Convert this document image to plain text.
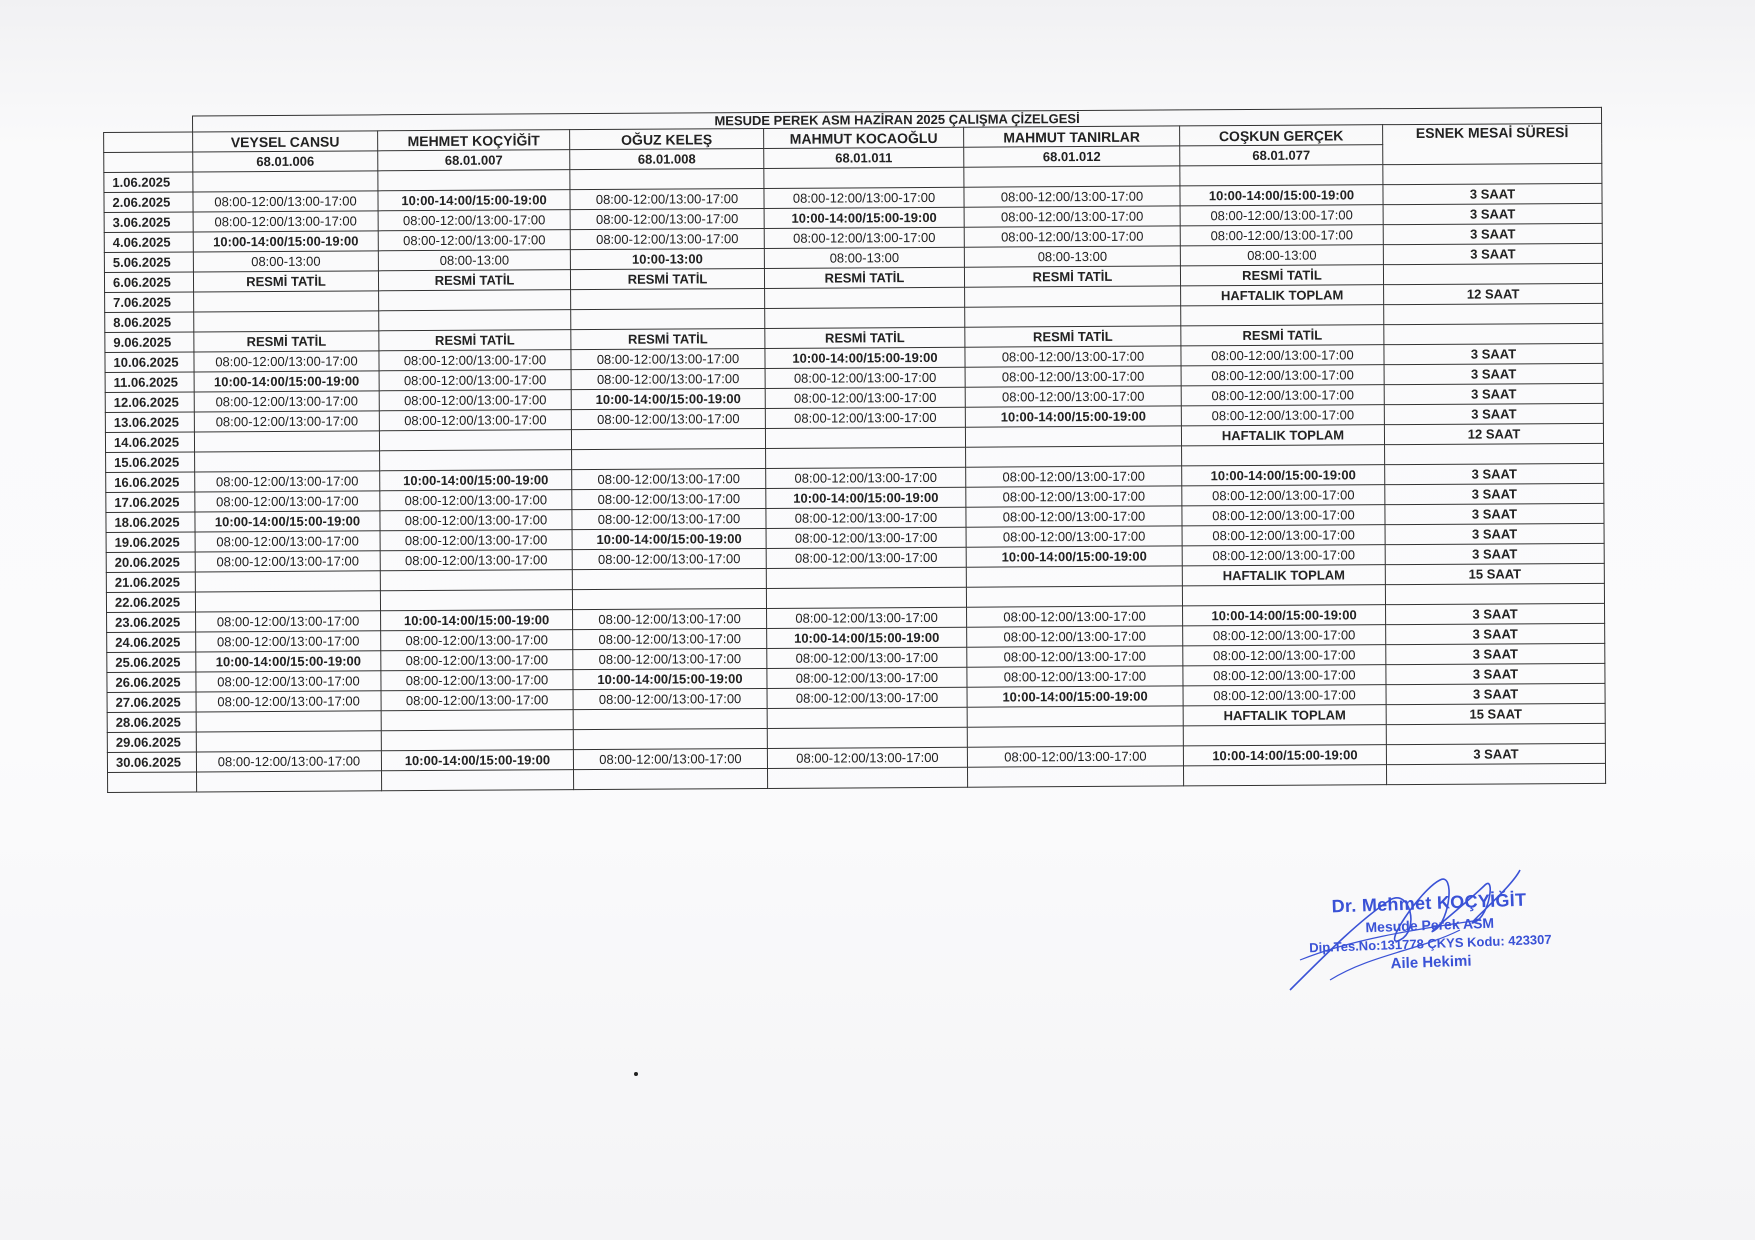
	MESUDE PEREK ASM HAZİRAN 2025 ÇALIŞMA ÇİZELGESİ						
	VEYSEL CANSU	MEHMET KOÇYİĞİT	OĞUZ KELEŞ	MAHMUT KOCAOĞLU	MAHMUT TANIRLAR	COŞKUN GERÇEK	ESNEK MESAİ SÜRESİ
	68.01.006	68.01.007	68.01.008	68.01.011	68.01.012	68.01.077	
1.06.2025							
2.06.2025	08:00-12:00/13:00-17:00	10:00-14:00/15:00-19:00	08:00-12:00/13:00-17:00	08:00-12:00/13:00-17:00	08:00-12:00/13:00-17:00	10:00-14:00/15:00-19:00	3 SAAT
3.06.2025	08:00-12:00/13:00-17:00	08:00-12:00/13:00-17:00	08:00-12:00/13:00-17:00	10:00-14:00/15:00-19:00	08:00-12:00/13:00-17:00	08:00-12:00/13:00-17:00	3 SAAT
4.06.2025	10:00-14:00/15:00-19:00	08:00-12:00/13:00-17:00	08:00-12:00/13:00-17:00	08:00-12:00/13:00-17:00	08:00-12:00/13:00-17:00	08:00-12:00/13:00-17:00	3 SAAT
5.06.2025	08:00-13:00	08:00-13:00	10:00-13:00	08:00-13:00	08:00-13:00	08:00-13:00	3 SAAT
6.06.2025	RESMİ TATİL	RESMİ TATİL	RESMİ TATİL	RESMİ TATİL	RESMİ TATİL	RESMİ TATİL	
7.06.2025						HAFTALIK TOPLAM	12 SAAT
8.06.2025							
9.06.2025	RESMİ TATİL	RESMİ TATİL	RESMİ TATİL	RESMİ TATİL	RESMİ TATİL	RESMİ TATİL	
10.06.2025	08:00-12:00/13:00-17:00	08:00-12:00/13:00-17:00	08:00-12:00/13:00-17:00	10:00-14:00/15:00-19:00	08:00-12:00/13:00-17:00	08:00-12:00/13:00-17:00	3 SAAT
11.06.2025	10:00-14:00/15:00-19:00	08:00-12:00/13:00-17:00	08:00-12:00/13:00-17:00	08:00-12:00/13:00-17:00	08:00-12:00/13:00-17:00	08:00-12:00/13:00-17:00	3 SAAT
12.06.2025	08:00-12:00/13:00-17:00	08:00-12:00/13:00-17:00	10:00-14:00/15:00-19:00	08:00-12:00/13:00-17:00	08:00-12:00/13:00-17:00	08:00-12:00/13:00-17:00	3 SAAT
13.06.2025	08:00-12:00/13:00-17:00	08:00-12:00/13:00-17:00	08:00-12:00/13:00-17:00	08:00-12:00/13:00-17:00	10:00-14:00/15:00-19:00	08:00-12:00/13:00-17:00	3 SAAT
14.06.2025						HAFTALIK TOPLAM	12 SAAT
15.06.2025							
16.06.2025	08:00-12:00/13:00-17:00	10:00-14:00/15:00-19:00	08:00-12:00/13:00-17:00	08:00-12:00/13:00-17:00	08:00-12:00/13:00-17:00	10:00-14:00/15:00-19:00	3 SAAT
17.06.2025	08:00-12:00/13:00-17:00	08:00-12:00/13:00-17:00	08:00-12:00/13:00-17:00	10:00-14:00/15:00-19:00	08:00-12:00/13:00-17:00	08:00-12:00/13:00-17:00	3 SAAT
18.06.2025	10:00-14:00/15:00-19:00	08:00-12:00/13:00-17:00	08:00-12:00/13:00-17:00	08:00-12:00/13:00-17:00	08:00-12:00/13:00-17:00	08:00-12:00/13:00-17:00	3 SAAT
19.06.2025	08:00-12:00/13:00-17:00	08:00-12:00/13:00-17:00	10:00-14:00/15:00-19:00	08:00-12:00/13:00-17:00	08:00-12:00/13:00-17:00	08:00-12:00/13:00-17:00	3 SAAT
20.06.2025	08:00-12:00/13:00-17:00	08:00-12:00/13:00-17:00	08:00-12:00/13:00-17:00	08:00-12:00/13:00-17:00	10:00-14:00/15:00-19:00	08:00-12:00/13:00-17:00	3 SAAT
21.06.2025						HAFTALIK TOPLAM	15 SAAT
22.06.2025							
23.06.2025	08:00-12:00/13:00-17:00	10:00-14:00/15:00-19:00	08:00-12:00/13:00-17:00	08:00-12:00/13:00-17:00	08:00-12:00/13:00-17:00	10:00-14:00/15:00-19:00	3 SAAT
24.06.2025	08:00-12:00/13:00-17:00	08:00-12:00/13:00-17:00	08:00-12:00/13:00-17:00	10:00-14:00/15:00-19:00	08:00-12:00/13:00-17:00	08:00-12:00/13:00-17:00	3 SAAT
25.06.2025	10:00-14:00/15:00-19:00	08:00-12:00/13:00-17:00	08:00-12:00/13:00-17:00	08:00-12:00/13:00-17:00	08:00-12:00/13:00-17:00	08:00-12:00/13:00-17:00	3 SAAT
26.06.2025	08:00-12:00/13:00-17:00	08:00-12:00/13:00-17:00	10:00-14:00/15:00-19:00	08:00-12:00/13:00-17:00	08:00-12:00/13:00-17:00	08:00-12:00/13:00-17:00	3 SAAT
27.06.2025	08:00-12:00/13:00-17:00	08:00-12:00/13:00-17:00	08:00-12:00/13:00-17:00	08:00-12:00/13:00-17:00	10:00-14:00/15:00-19:00	08:00-12:00/13:00-17:00	3 SAAT
28.06.2025						HAFTALIK TOPLAM	15 SAAT
29.06.2025							
30.06.2025	08:00-12:00/13:00-17:00	10:00-14:00/15:00-19:00	08:00-12:00/13:00-17:00	08:00-12:00/13:00-17:00	08:00-12:00/13:00-17:00	10:00-14:00/15:00-19:00	3 SAAT

Dr. Mehmet KOÇYİĞİT
Mesude Perek ASM
Dip.Tes.No:131778 ÇKYS Kodu: 423307
Aile Hekimi
